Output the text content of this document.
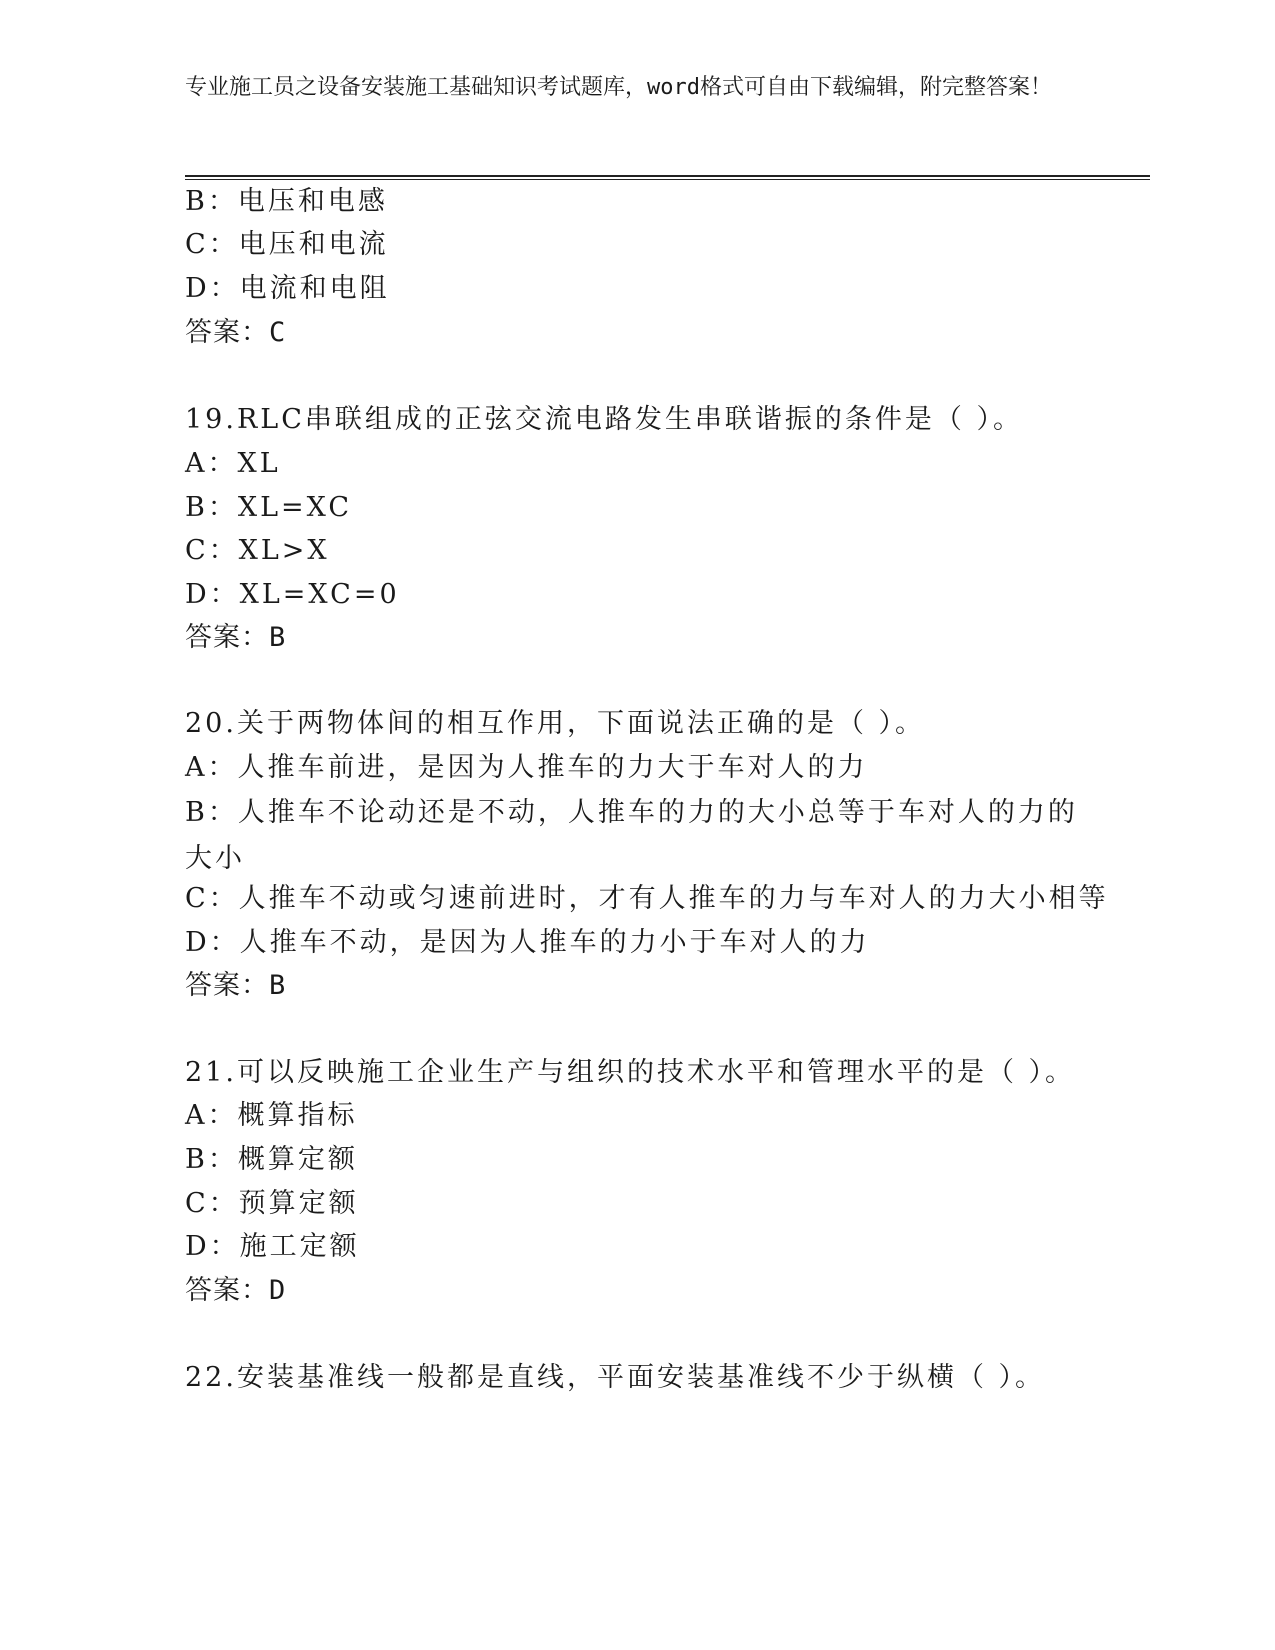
专业施工员之设备安装施工基础知识考试题库，word格式可自由下载编辑，附完整答案！
B：电压和电感
C：电压和电流
D：电流和电阻
答案：C
19.RLC串联组成的正弦交流电路发生串联谐振的条件是（ ）。
A：XL
B：XL=XC
C：XL>X
D：XL=XC=0
答案：B
20.关于两物体间的相互作用，下面说法正确的是（ ）。
A：人推车前进，是因为人推车的力大于车对人的力
B：人推车不论动还是不动，人推车的力的大小总等于车对人的力的大小
C：人推车不动或匀速前进时，才有人推车的力与车对人的力大小相等
D：人推车不动，是因为人推车的力小于车对人的力
答案：B
21.可以反映施工企业生产与组织的技术水平和管理水平的是（ ）。
A：概算指标
B：概算定额
C：预算定额
D：施工定额
答案：D
22.安装基准线一般都是直线，平面安装基准线不少于纵横（ ）。
